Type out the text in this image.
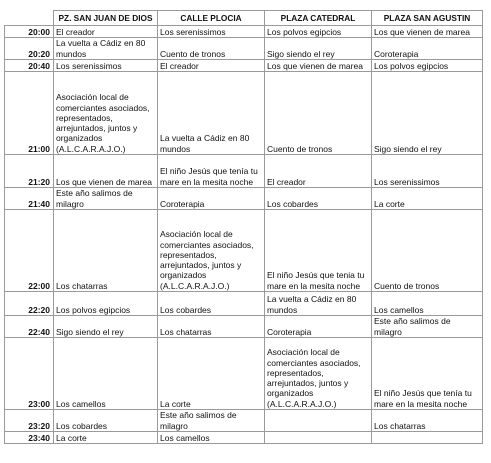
	PZ. SAN JUAN DE DIOS	CALLE PLOCIA	PLAZA CATEDRAL	PLAZA SAN AGUSTIN
20:00	El creador	Los serenissimos	Los polvos egipcios	Los que vienen de marea
20:20	La vuelta a Cádiz en 80 mundos	Cuento de tronos	Sigo siendo el rey	Coroterapia
20:40	Los serenissimos	El creador	Los que vienen de marea	Los polvos egipcios
21:00	Asociación local de comerciantes asociados, representados, arrejuntados, juntos y organizados (A.L.C.A.R.A.J.O.)	La vuelta a Cádiz en 80 mundos	Cuento de tronos	Sigo siendo el rey
21:20	Los que vienen de marea	El niño Jesús que tenía tu mare en la mesita noche	El creador	Los serenissimos
21:40	Este año salimos de milagro	Coroterapia	Los cobardes	La corte
22:00	Los chatarras	Asociación local de comerciantes asociados, representados, arrejuntados, juntos y organizados (A.L.C.A.R.A.J.O.)	El niño Jesús que tenia tu mare en la mesita noche	Cuento de tronos
22:20	Los polvos egipcios	Los cobardes	La vuelta a Cádiz en 80 mundos	Los camellos
22:40	Sigo siendo el rey	Los chatarras	Coroterapia	Este año salimos de milagro
23:00	Los camellos	La corte	Asociación local de comerciantes asociados, representados, arrejuntados, juntos y organizados (A.L.C.A.R.A.J.O.)	El niño Jesús que tenía tu mare en la mesita noche
23:20	Los cobardes	Este año salimos de milagro		Los chatarras
23:40	La corte	Los camellos		
